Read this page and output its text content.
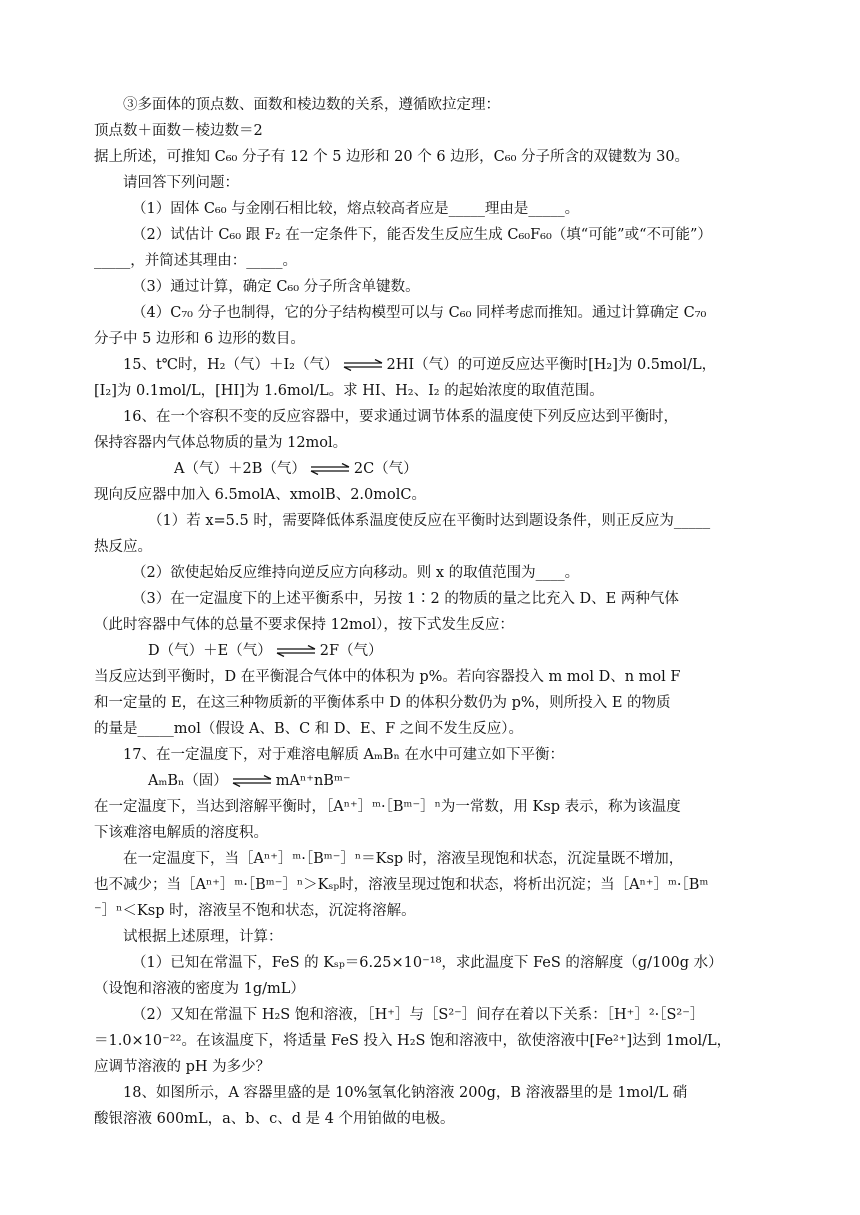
③多面体的顶点数、面数和棱边数的关系，遵循欧拉定理：
顶点数＋面数－棱边数＝2
据上所述，可推知 C₆₀ 分子有 12 个 5 边形和 20 个 6 边形，C₆₀ 分子所含的双键数为 30。
请回答下列问题：
（1）固体 C₆₀ 与金刚石相比较，熔点较高者应是_____理由是_____。
（2）试估计 C₆₀ 跟 F₂ 在一定条件下，能否发生反应生成 C₆₀F₆₀（填“可能”或“不可能”）
_____，并简述其理由：_____。
（3）通过计算，确定 C₆₀ 分子所含单键数。
（4）C₇₀ 分子也制得，它的分子结构模型可以与 C₆₀ 同样考虑而推知。通过计算确定 C₇₀
分子中 5 边形和 6 边形的数目。
15、t℃时，H₂（气）＋I₂（气） ⇌ 2HI（气）的可逆反应达平衡时[H₂]为 0.5mol/L，
[I₂]为 0.1mol/L，[HI]为 1.6mol/L。求 HI、H₂、I₂ 的起始浓度的取值范围。
16、在一个容积不变的反应容器中，要求通过调节体系的温度使下列反应达到平衡时，
保持容器内气体总物质的量为 12mol。
A（气）＋2B（气） ⇌ 2C（气）
现向反应器中加入 6.5molA、xmolB、2.0molC。
（1）若 x=5.5 时，需要降低体系温度使反应在平衡时达到题设条件，则正反应为_____
热反应。
（2）欲使起始反应维持向逆反应方向移动。则 x 的取值范围为____。
（3）在一定温度下的上述平衡系中，另按 1∶2 的物质的量之比充入 D、E 两种气体
（此时容器中气体的总量不要求保持 12mol），按下式发生反应：
D（气）＋E（气） ⇌ 2F（气）
当反应达到平衡时，D 在平衡混合气体中的体积为 p%。若向容器投入 m mol D、n mol F
和一定量的 E，在这三种物质新的平衡体系中 D 的体积分数仍为 p%，则所投入 E 的物质
的量是_____mol（假设 A、B、C 和 D、E、F 之间不发生反应）。
17、在一定温度下，对于难溶电解质 AₘBₙ 在水中可建立如下平衡：
AₘBₙ（固） ⇌ mAⁿ⁺nBᵐ⁻
在一定温度下，当达到溶解平衡时，［Aⁿ⁺］ᵐ·［Bᵐ⁻］ⁿ为一常数，用 Ksp 表示，称为该温度
下该难溶电解质的溶度积。
在一定温度下，当［Aⁿ⁺］ᵐ·［Bᵐ⁻］ⁿ＝Ksp 时，溶液呈现饱和状态，沉淀量既不增加，
也不减少；当［Aⁿ⁺］ᵐ·［Bᵐ⁻］ⁿ＞Kₛₚ时，溶液呈现过饱和状态，将析出沉淀；当［Aⁿ⁺］ᵐ·［Bᵐ
⁻］ⁿ＜Ksp 时，溶液呈不饱和状态，沉淀将溶解。
试根据上述原理，计算：
（1）已知在常温下，FeS 的 Kₛₚ＝6.25×10⁻¹⁸，求此温度下 FeS 的溶解度（g/100g 水）
（设饱和溶液的密度为 1g/mL）
（2）又知在常温下 H₂S 饱和溶液，［H⁺］与［S²⁻］间存在着以下关系：［H⁺］²·［S²⁻］
＝1.0×10⁻²²。在该温度下，将适量 FeS 投入 H₂S 饱和溶液中，欲使溶液中[Fe²⁺]达到 1mol/L，
应调节溶液的 pH 为多少？
18、如图所示，A 容器里盛的是 10%氢氧化钠溶液 200g，B 溶液器里的是 1mol/L 硝
酸银溶液 600mL，a、b、c、d 是 4 个用铂做的电极。
